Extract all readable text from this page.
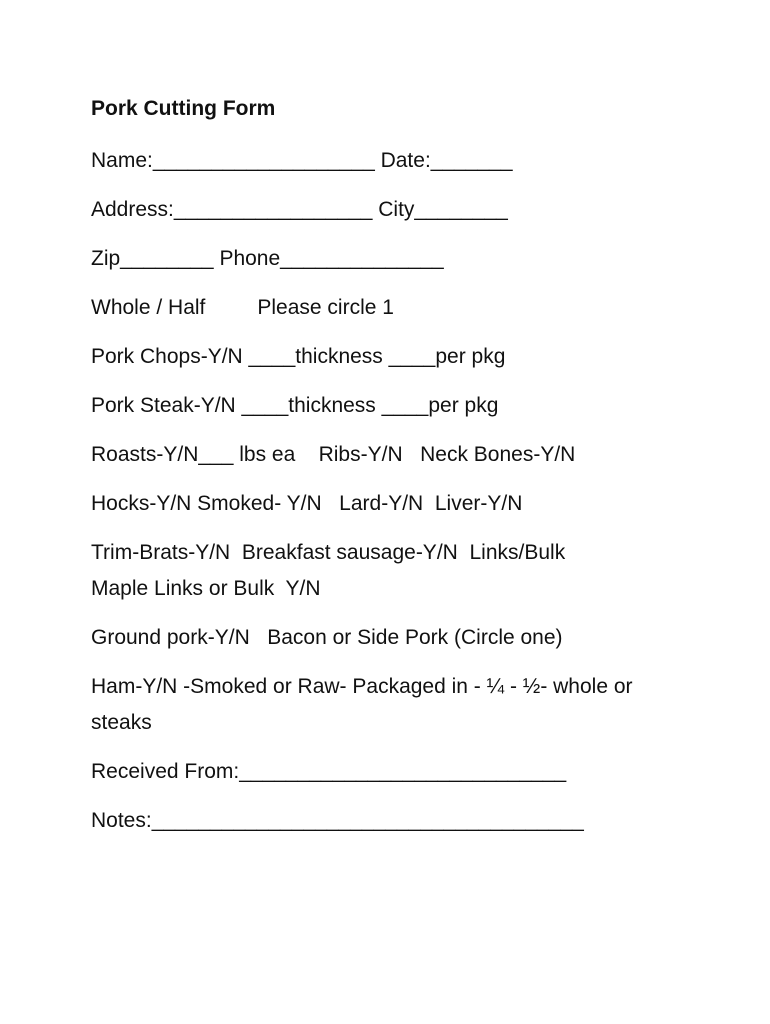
Pork Cutting Form

Name:___________________ Date:_______

Address:_________________ City________

Zip________ Phone______________

Whole / Half Please circle 1

Pork Chops-Y/N ____thickness ____per pkg

Pork Steak-Y/N ____thickness ____per pkg

Roasts-Y/N___ lbs ea    Ribs-Y/N   Neck Bones-Y/N

Hocks-Y/N Smoked- Y/N   Lard-Y/N  Liver-Y/N

Trim-Brats-Y/N  Breakfast sausage-Y/N  Links/Bulk
Maple Links or Bulk  Y/N

Ground pork-Y/N   Bacon or Side Pork (Circle one)

Ham-Y/N -Smoked or Raw- Packaged in - ¼ - ½- whole or
steaks

Received From:____________________________

Notes:_____________________________________
